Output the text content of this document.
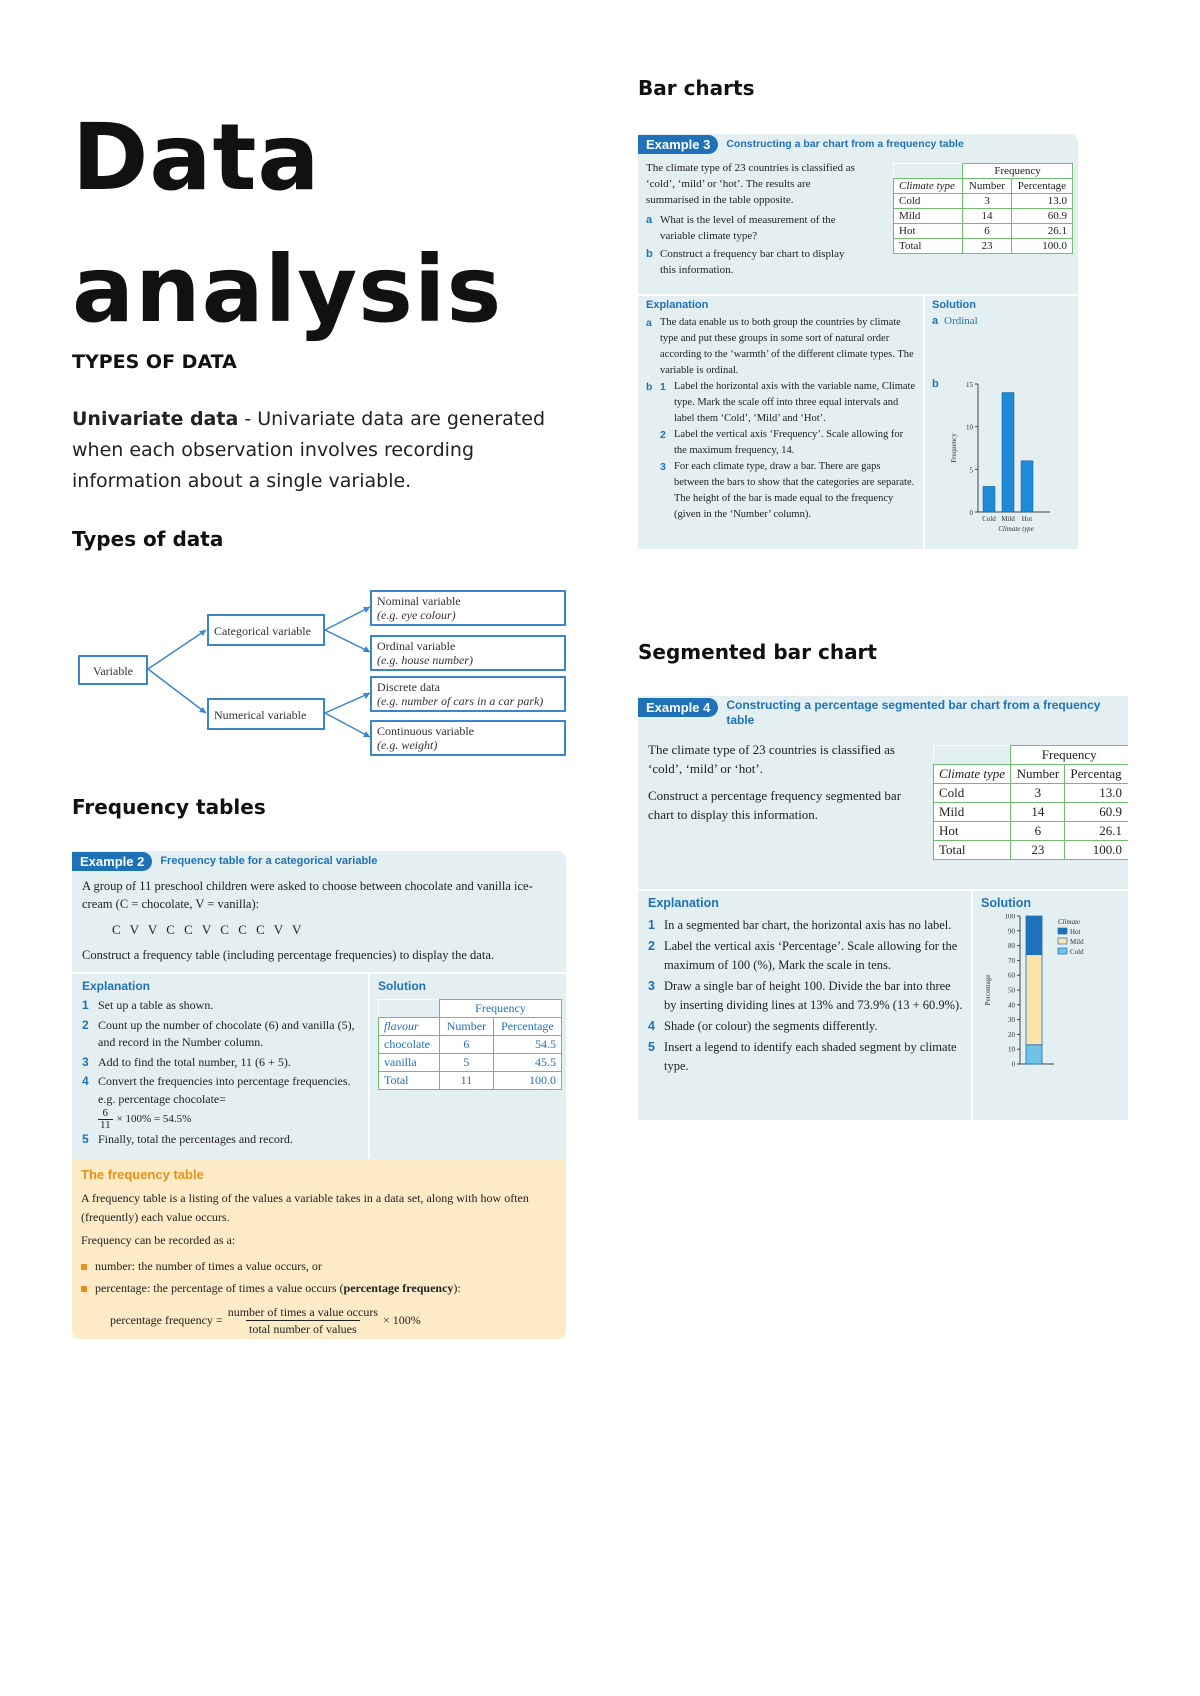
Data
analysis
TYPES OF DATA
Univariate data - Univariate data are generated when each observation involves recording information about a single variable.
Types of data
Variable
Categorical variable
Numerical variable
Nominal variable
(e.g. eye colour)
Ordinal variable
(e.g. house number)
Discrete data
(e.g. number of cars in a car park)
Continuous variable
(e.g. weight)
Frequency tables
Example 2	Frequency table for a categorical variable
A group of 11 preschool children were asked to choose between chocolate and vanilla ice-cream (C = chocolate, V = vanilla):
C V V C C V C C C V V
Construct a frequency table (including percentage frequencies) to display the data.
Explanation
1 Set up a table as shown.
2 Count up the number of chocolate (6) and vanilla (5), and record in the Number column.
3 Add to find the total number, 11 (6 + 5).
4 Convert the frequencies into percentage frequencies. e.g. percentage chocolate=
$\frac{6}{11} \times 100\% = 54.5\%$
5 Finally, total the percentages and record.
Solution
	Frequency	
flavour	Number	Percentage
chocolate	6	54.5
vanilla	5	45.5
Total	11	100.0
The frequency table
A frequency table is a listing of the values a variable takes in a data set, along with how often (frequently) each value occurs.
Frequency can be recorded as a:
number: the number of times a value occurs, or
percentage: the percentage of times a value occurs (percentage frequency):
percentage frequency =
number of times a value occurs
total number of values
× 100%
Bar charts
Example 3	Constructing a bar chart from a frequency table
The climate type of 23 countries is classified as ‘cold’, ‘mild’ or ‘hot’. The results are summarised in the table opposite.
a What is the level of measurement of the variable climate type?
b Construct a frequency bar chart to display this information.
	Frequency	
Climate type	Number	Percentage
Cold	3	13.0
Mild	14	60.9
Hot	6	26.1
Total	23	100.0
Explanation
a The data enable us to both group the countries by climate type and put these groups in some sort of natural order according to the ‘warmth’ of the different climate types. The variable is ordinal.
b 1 Label the horizontal axis with the variable name, Climate type. Mark the scale off into three equal intervals and label them ‘Cold’, ‘Mild’ and ‘Hot’.
2 Label the vertical axis ‘Frequency’. Scale allowing for the maximum frequency, 14.
3 For each climate type, draw a bar. There are gaps between the bars to show that the categories are separate. The height of the bar is made equal to the frequency (given in the ‘Number’ column).
Solution
a Ordinal
b
0
5
10
15
Cold Mild Hot
Climate type
Frequency
Segmented bar chart
Example 4	Constructing a percentage segmented bar chart from a frequency
table
The climate type of 23 countries is classified as ‘cold’, ‘mild’ or ‘hot’.
Construct a percentage frequency segmented bar chart to display this information.
	Frequency	
Climate type	Number	Percentag
Cold	3	13.0
Mild	14	60.9
Hot	6	26.1
Total	23	100.0
Explanation
1 In a segmented bar chart, the horizontal axis has no label.
2 Label the vertical axis ‘Percentage’. Scale allowing for the maximum of 100 (%), Mark the scale in tens.
3 Draw a single bar of height 100. Divide the bar into three by inserting dividing lines at 13% and 73.9% (13 + 60.9%).
4 Shade (or colour) the segments differently.
5 Insert a legend to identify each shaded segment by climate type.
Solution
0
10
20
30
40
50
60
70
80
90
100
Percentage
Climate
Hot
Mild
Cold
